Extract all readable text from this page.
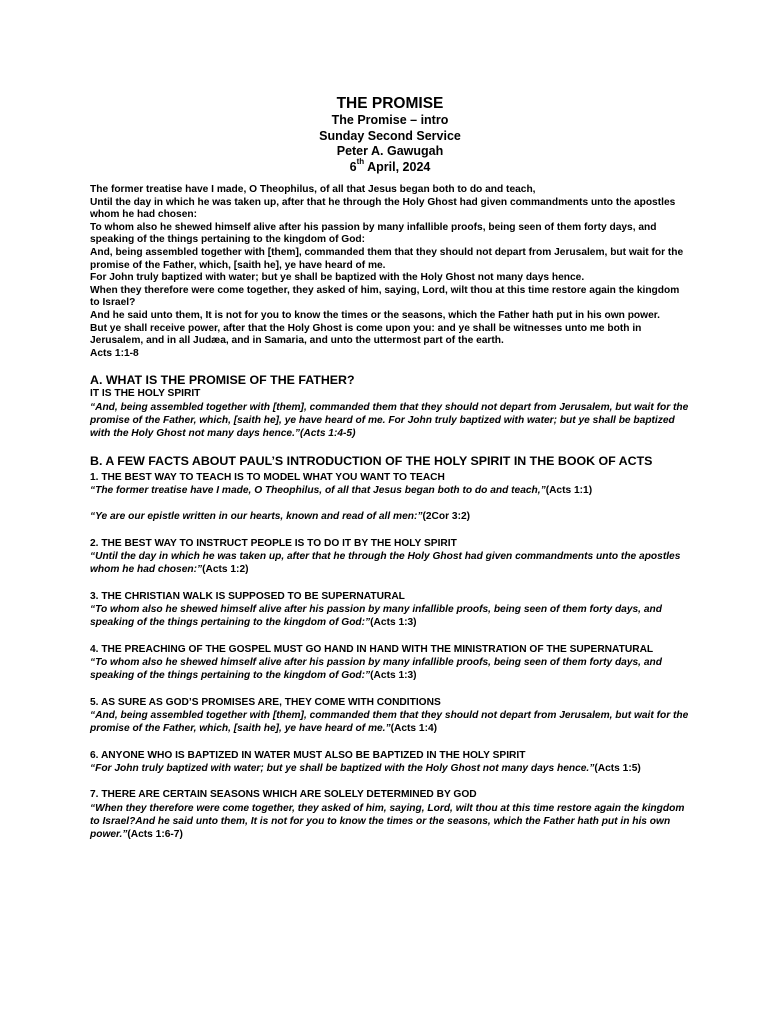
THE PROMISE
The Promise – intro
Sunday Second Service
Peter A. Gawugah
6th April, 2024
The former treatise have I made, O Theophilus, of all that Jesus began both to do and teach,
Until the day in which he was taken up, after that he through the Holy Ghost had given commandments unto the apostles whom he had chosen:
To whom also he shewed himself alive after his passion by many infallible proofs, being seen of them forty days, and speaking of the things pertaining to the kingdom of God:
And, being assembled together with [them], commanded them that they should not depart from Jerusalem, but wait for the promise of the Father, which, [saith he], ye have heard of me.
For John truly baptized with water; but ye shall be baptized with the Holy Ghost not many days hence.
When they therefore were come together, they asked of him, saying, Lord, wilt thou at this time restore again the kingdom to Israel?
And he said unto them, It is not for you to know the times or the seasons, which the Father hath put in his own power.
But ye shall receive power, after that the Holy Ghost is come upon you: and ye shall be witnesses unto me both in Jerusalem, and in all Judæa, and in Samaria, and unto the uttermost part of the earth.
Acts 1:1-8
A. WHAT IS THE PROMISE OF THE FATHER?
IT IS THE HOLY SPIRIT
“And, being assembled together with [them], commanded them that they should not depart from Jerusalem, but wait for the promise of the Father, which, [saith he], ye have heard of me. For John truly baptized with water; but ye shall be baptized with the Holy Ghost not many days hence.”(Acts 1:4-5)
B. A FEW FACTS ABOUT PAUL’S INTRODUCTION OF THE HOLY SPIRIT IN THE BOOK OF ACTS
1. THE BEST WAY TO TEACH IS TO MODEL WHAT YOU WANT TO TEACH
“The former treatise have I made, O Theophilus, of all that Jesus began both to do and teach,”(Acts 1:1)
“Ye are our epistle written in our hearts, known and read of all men:”(2Cor 3:2)
2. THE BEST WAY TO INSTRUCT PEOPLE IS TO DO IT BY THE HOLY SPIRIT
“Until the day in which he was taken up, after that he through the Holy Ghost had given commandments unto the apostles whom he had chosen:”(Acts 1:2)
3. THE CHRISTIAN WALK IS SUPPOSED TO BE SUPERNATURAL
“To whom also he shewed himself alive after his passion by many infallible proofs, being seen of them forty days, and speaking of the things pertaining to the kingdom of God:”(Acts 1:3)
4. THE PREACHING OF THE GOSPEL MUST GO HAND IN HAND WITH THE MINISTRATION OF THE SUPERNATURAL
“To whom also he shewed himself alive after his passion by many infallible proofs, being seen of them forty days, and speaking of the things pertaining to the kingdom of God:”(Acts 1:3)
5. AS SURE AS GOD’S PROMISES ARE, THEY COME WITH CONDITIONS
“And, being assembled together with [them], commanded them that they should not depart from Jerusalem, but wait for the promise of the Father, which, [saith he], ye have heard of me.”(Acts 1:4)
6. ANYONE WHO IS BAPTIZED IN WATER MUST ALSO BE BAPTIZED IN THE HOLY SPIRIT
“For John truly baptized with water; but ye shall be baptized with the Holy Ghost not many days hence.”(Acts 1:5)
7. THERE ARE CERTAIN SEASONS WHICH ARE SOLELY DETERMINED BY GOD
“When they therefore were come together, they asked of him, saying, Lord, wilt thou at this time restore again the kingdom to Israel?And he said unto them, It is not for you to know the times or the seasons, which the Father hath put in his own power.”(Acts 1:6-7)
